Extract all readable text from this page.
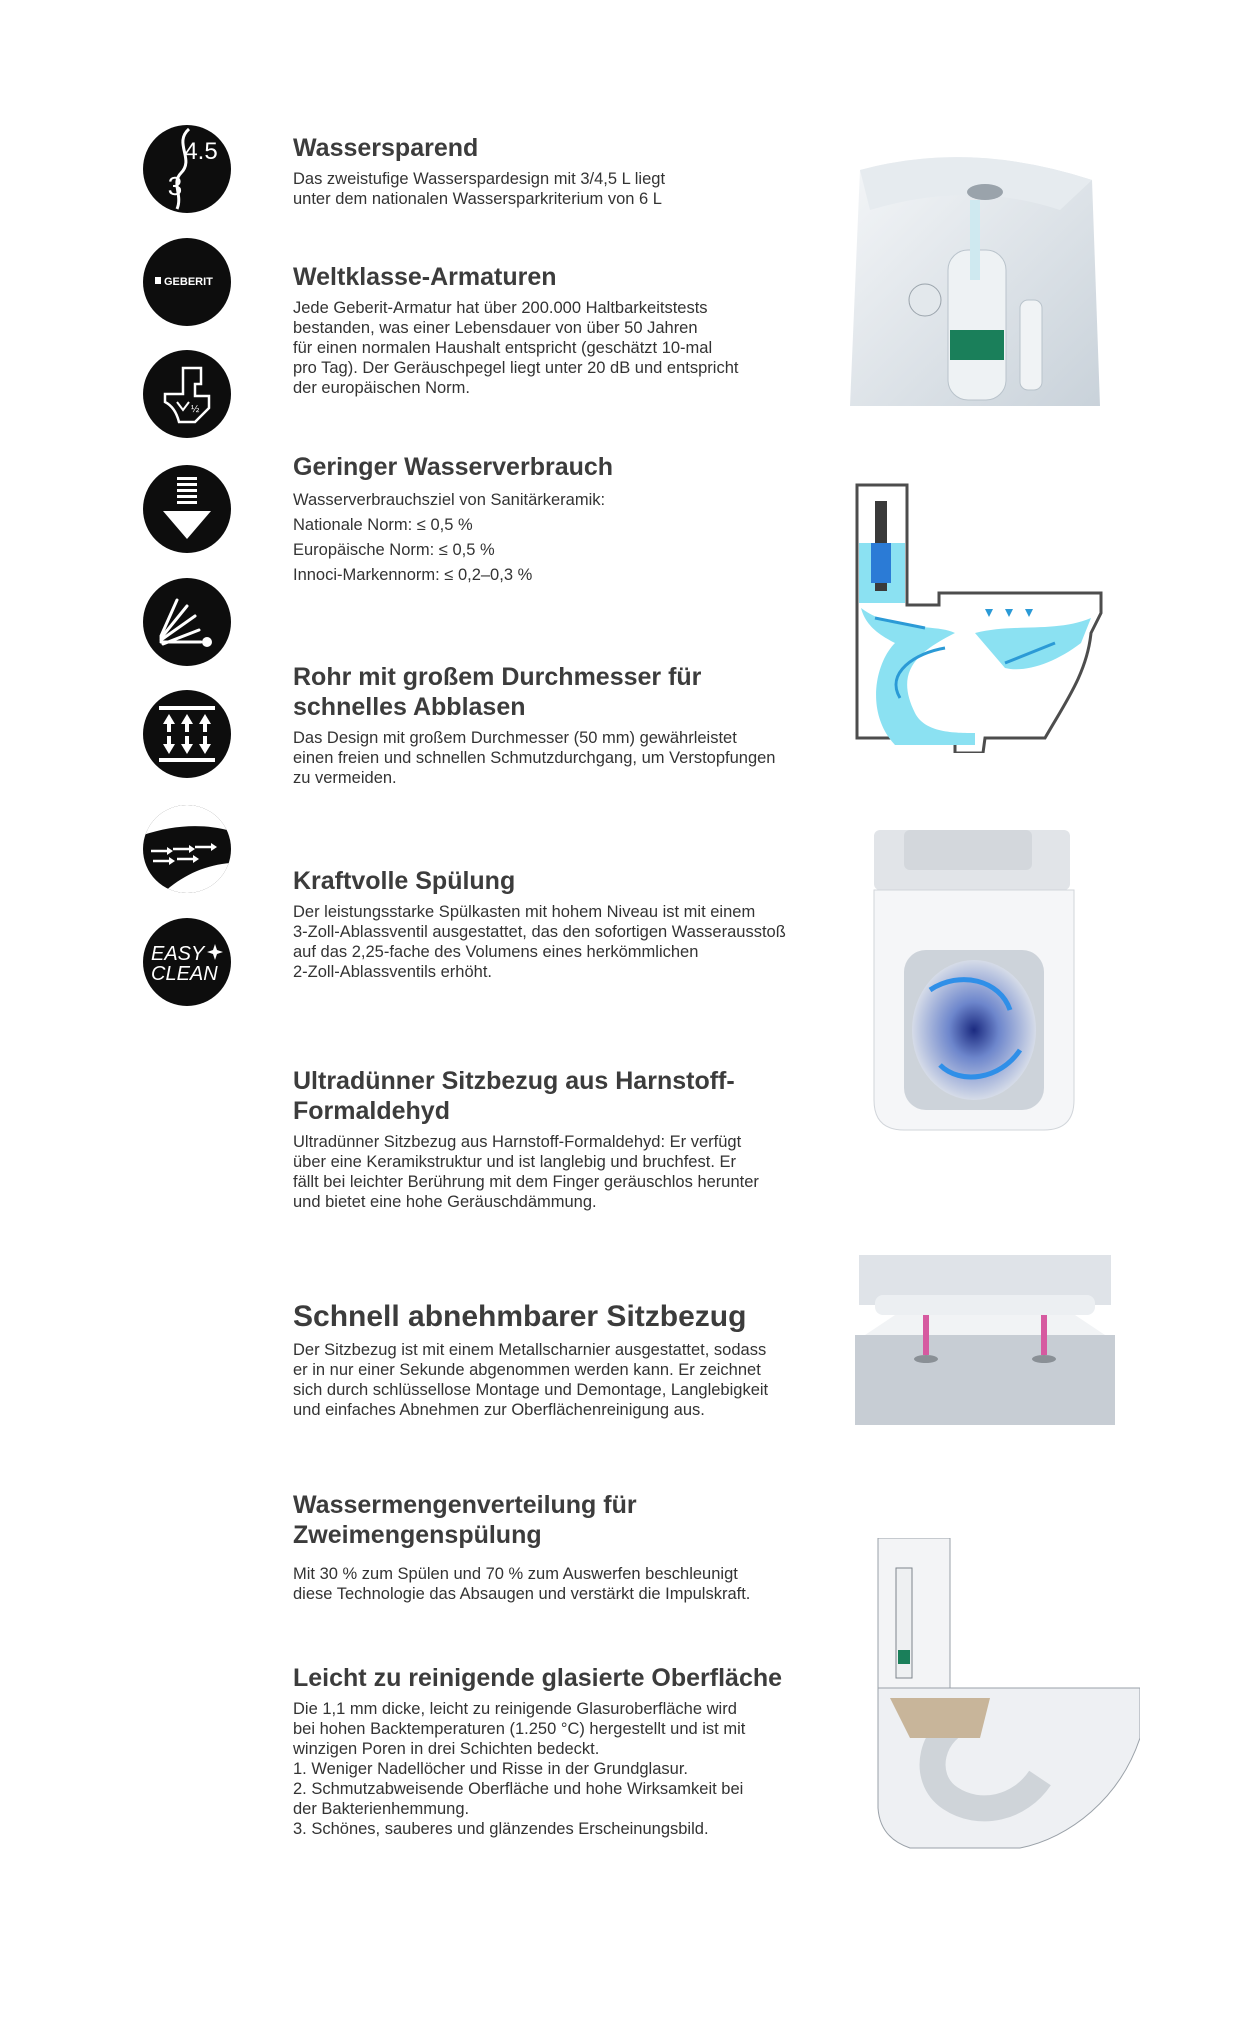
4.5
3
GEBERIT
½
EASY
CLEAN
Wassersparend

Das zweistufige Wasserspardesign mit 3/4,5 L liegt
unter dem nationalen Wassersparkriterium von 6 L

Weltklasse-Armaturen

Jede Geberit-Armatur hat über 200.000 Haltbarkeitstests
bestanden, was einer Lebensdauer von über 50 Jahren
für einen normalen Haushalt entspricht (geschätzt 10-mal
pro Tag). Der Geräuschpegel liegt unter 20 dB und entspricht
der europäischen Norm.

Geringer Wasserverbrauch

Wasserverbrauchsziel von Sanitärkeramik:

Nationale Norm: ≤ 0,5 %

Europäische Norm: ≤ 0,5 %

Innoci-Markennorm: ≤ 0,2–0,3 %

Rohr mit großem Durchmesser für
schnelles Abblasen

Das Design mit großem Durchmesser (50 mm) gewährleistet
einen freien und schnellen Schmutzdurchgang, um Verstopfungen
zu vermeiden.

Kraftvolle Spülung

Der leistungsstarke Spülkasten mit hohem Niveau ist mit einem
3-Zoll-Ablassventil ausgestattet, das den sofortigen Wasserausstoß
auf das 2,25-fache des Volumens eines herkömmlichen
2-Zoll-Ablassventils erhöht.

Ultradünner Sitzbezug aus Harnstoff-
Formaldehyd

Ultradünner Sitzbezug aus Harnstoff-Formaldehyd: Er verfügt
über eine Keramikstruktur und ist langlebig und bruchfest. Er
fällt bei leichter Berührung mit dem Finger geräuschlos herunter
und bietet eine hohe Geräuschdämmung.

Schnell abnehmbarer Sitzbezug

Der Sitzbezug ist mit einem Metallscharnier ausgestattet, sodass
er in nur einer Sekunde abgenommen werden kann. Er zeichnet
sich durch schlüssellose Montage und Demontage, Langlebigkeit
und einfaches Abnehmen zur Oberflächenreinigung aus.

Wassermengenverteilung für
Zweimengenspülung

Mit 30 % zum Spülen und 70 % zum Auswerfen beschleunigt
diese Technologie das Absaugen und verstärkt die Impulskraft.

Leicht zu reinigende glasierte Oberfläche

Die 1,1 mm dicke, leicht zu reinigende Glasuroberfläche wird
bei hohen Backtemperaturen (1.250 °C) hergestellt und ist mit
winzigen Poren in drei Schichten bedeckt.
1. Weniger Nadellöcher und Risse in der Grundglasur.
2. Schmutzabweisende Oberfläche und hohe Wirksamkeit bei
der Bakterienhemmung.
3. Schönes, sauberes und glänzendes Erscheinungsbild.
